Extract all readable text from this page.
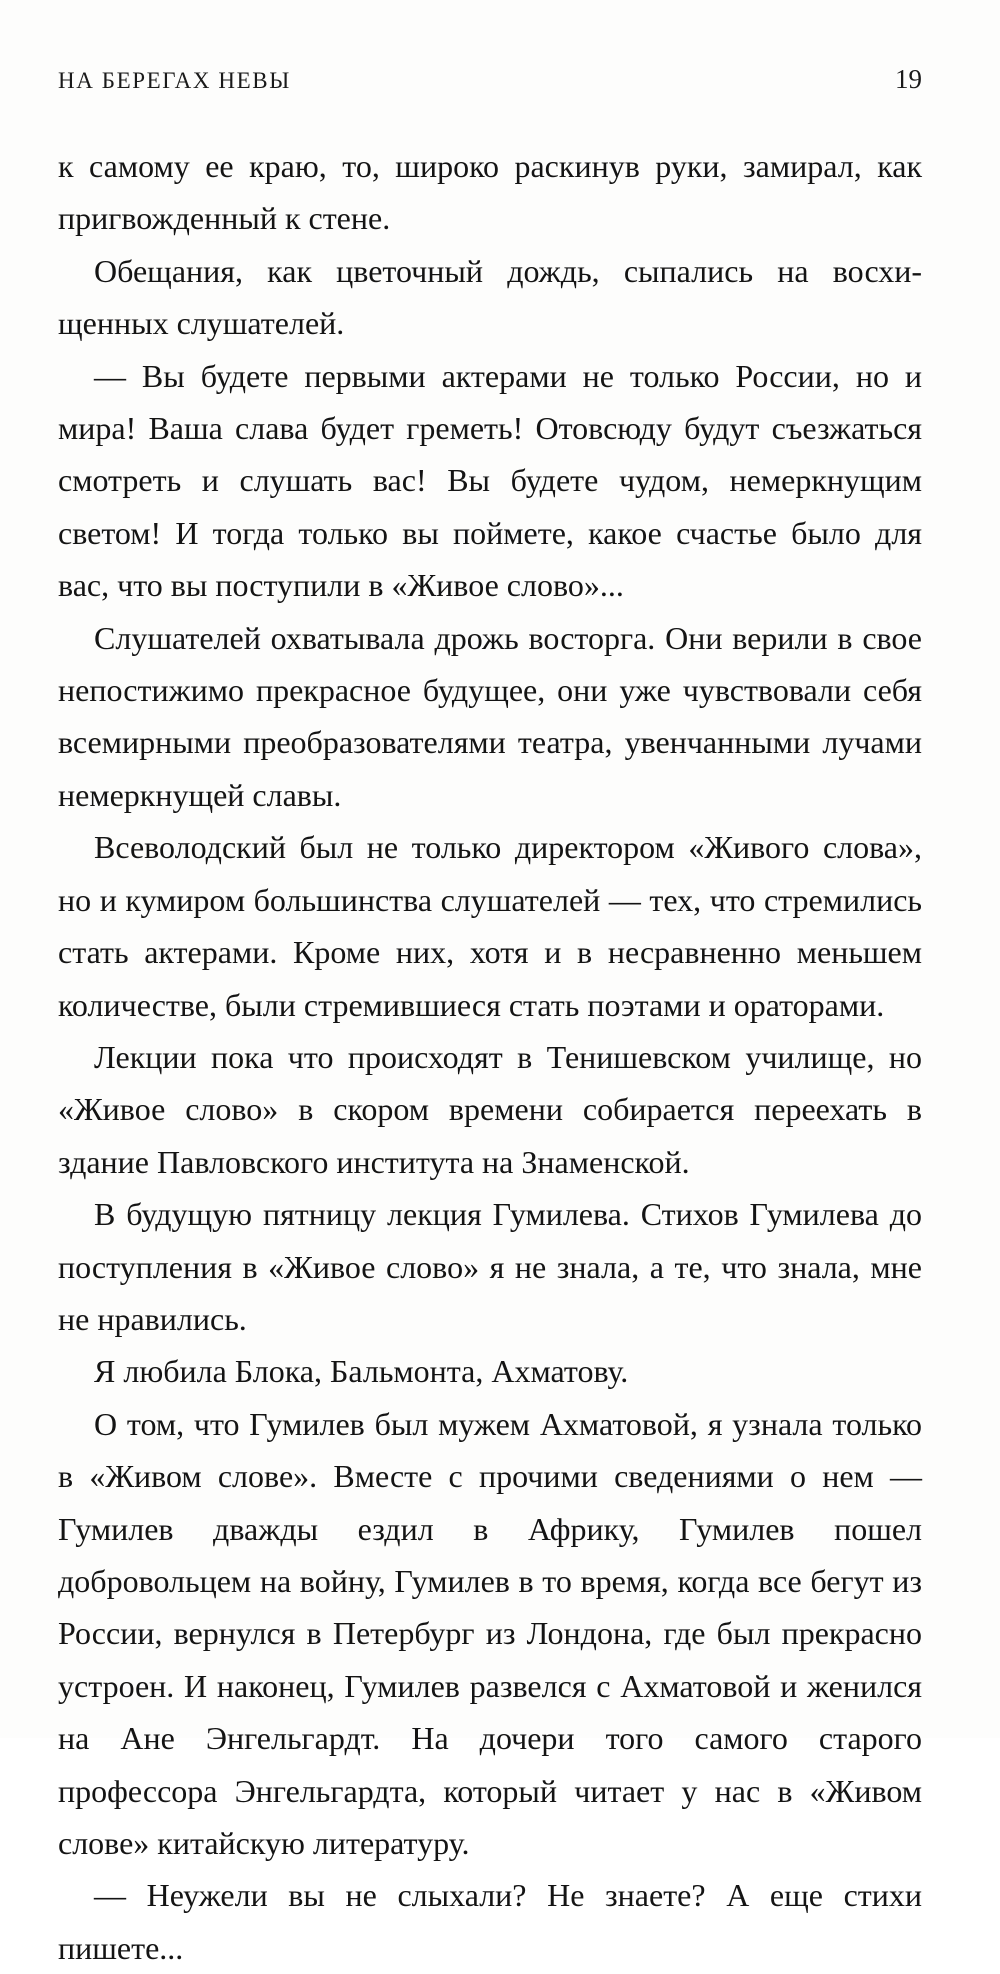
НА БЕРЕГАХ НЕВЫ	19

к самому ее краю, то, широко раскинув руки, замирал, как пригвожденный к стене.

Обещания, как цветочный дождь, сыпались на восхищенных слушателей.

— Вы будете первыми актерами не только России, но и мира! Ваша слава будет греметь! Отовсюду будут съезжаться смотреть и слушать вас! Вы будете чудом, немеркнущим светом! И тогда только вы поймете, какое счастье было для вас, что вы поступили в «Живое слово»...

Слушателей охватывала дрожь восторга. Они верили в свое непостижимо прекрасное будущее, они уже чувствовали себя всемирными преобразователями театра, увенчанными лучами немеркнущей славы.

Всеволодский был не только директором «Живого слова», но и кумиром большинства слушателей — тех, что стремились стать актерами. Кроме них, хотя и в несравненно меньшем количестве, были стремившиеся стать поэтами и ораторами.

Лекции пока что происходят в Тенишевском училище, но «Живое слово» в скором времени собирается переехать в здание Павловского института на Знаменской.

В будущую пятницу лекция Гумилева. Стихов Гумилева до поступления в «Живое слово» я не знала, а те, что знала, мне не нравились.

Я любила Блока, Бальмонта, Ахматову.

О том, что Гумилев был мужем Ахматовой, я узнала только в «Живом слове». Вместе с прочими сведениями о нем — Гумилев дважды ездил в Африку, Гумилев пошел добровольцем на войну, Гумилев в то время, когда все бегут из России, вернулся в Петербург из Лондона, где был прекрасно устроен. И наконец, Гумилев развелся с Ахматовой и женился на Ане Энгельгардт. На дочери того самого старого профессора Энгельгардта, который читает у нас в «Живом слове» китайскую литературу.

— Неужели вы не слыхали? Не знаете? А еще стихи пишете...
